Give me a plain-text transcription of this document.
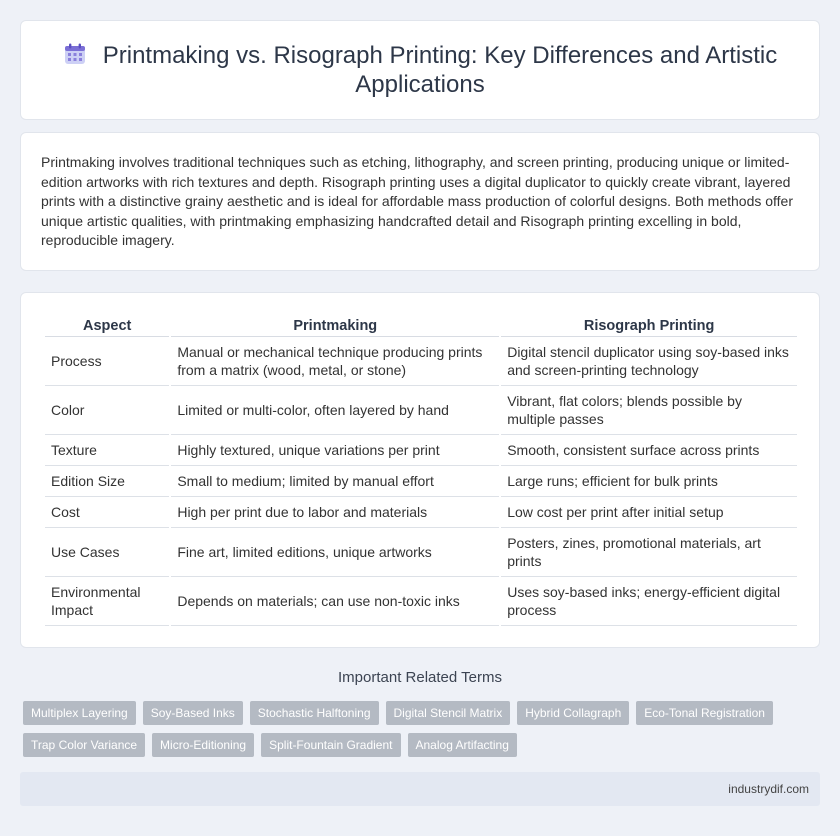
Printmaking vs. Risograph Printing: Key Differences and Artistic Applications

Printmaking involves traditional techniques such as etching, lithography, and screen printing, producing unique or limited-edition artworks with rich textures and depth. Risograph printing uses a digital duplicator to quickly create vibrant, layered prints with a distinctive grainy aesthetic and is ideal for affordable mass production of colorful designs. Both methods offer unique artistic qualities, with printmaking emphasizing handcrafted detail and Risograph printing excelling in bold, reproducible imagery.

Aspect	Printmaking	Risograph Printing
Process	Manual or mechanical technique producing prints from a matrix (wood, metal, or stone)	Digital stencil duplicator using soy-based inks and screen-printing technology
Color	Limited or multi-color, often layered by hand	Vibrant, flat colors; blends possible by multiple passes
Texture	Highly textured, unique variations per print	Smooth, consistent surface across prints
Edition Size	Small to medium; limited by manual effort	Large runs; efficient for bulk prints
Cost	High per print due to labor and materials	Low cost per print after initial setup
Use Cases	Fine art, limited editions, unique artworks	Posters, zines, promotional materials, art prints
Environmental Impact	Depends on materials; can use non-toxic inks	Uses soy-based inks; energy-efficient digital process
Important Related Terms
Multiplex Layering	Soy-Based Inks	Stochastic Halftoning	Digital Stencil Matrix	Hybrid Collagraph	Eco-Tonal Registration
Trap Color Variance	Micro-Editioning	Split-Fountain Gradient	Analog Artifacting
industrydif.com
